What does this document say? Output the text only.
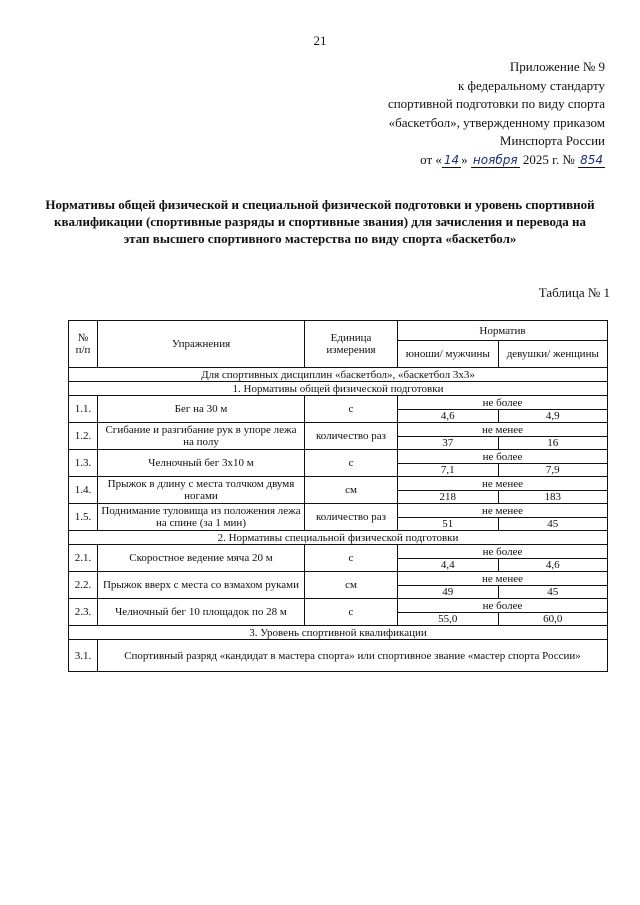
21
Приложение № 9
к федеральному стандарту
спортивной подготовки по виду спорта
«баскетбол», утвержденному приказом
Минспорта России
от « 14 » ноября 2025 г. № 854
Нормативы общей физической и специальной физической подготовки и уровень спортивной квалификации (спортивные разряды и спортивные звания) для зачисления и перевода на этап высшего спортивного мастерства по виду спорта «баскетбол»
Таблица № 1
№ п/п	Упражнения	Единица измерения	Норматив	
			юноши/ мужчины	девушки/ женщины
Для спортивных дисциплин «баскетбол», «баскетбол 3x3»				
1. Нормативы общей физической подготовки				
1.1.	Бег на 30 м	с	не более	
			4,6	4,9
1.2.	Сгибание и разгибание рук в упоре лежа на полу	количество раз	не менее	
			37	16
1.3.	Челночный бег 3x10 м	с	не более	
			7,1	7,9
1.4.	Прыжок в длину с места толчком двумя ногами	см	не менее	
			218	183
1.5.	Поднимание туловища из положения лежа на спине (за 1 мин)	количество раз	не менее	
			51	45
2. Нормативы специальной физической подготовки				
2.1.	Скоростное ведение мяча 20 м	с	не более	
			4,4	4,6
2.2.	Прыжок вверх с места со взмахом руками	см	не менее	
			49	45
2.3.	Челночный бег 10 площадок по 28 м	с	не более	
			55,0	60,0
3. Уровень спортивной квалификации				
3.1.	Спортивный разряд «кандидат в мастера спорта» или спортивное звание «мастер спорта России»			
